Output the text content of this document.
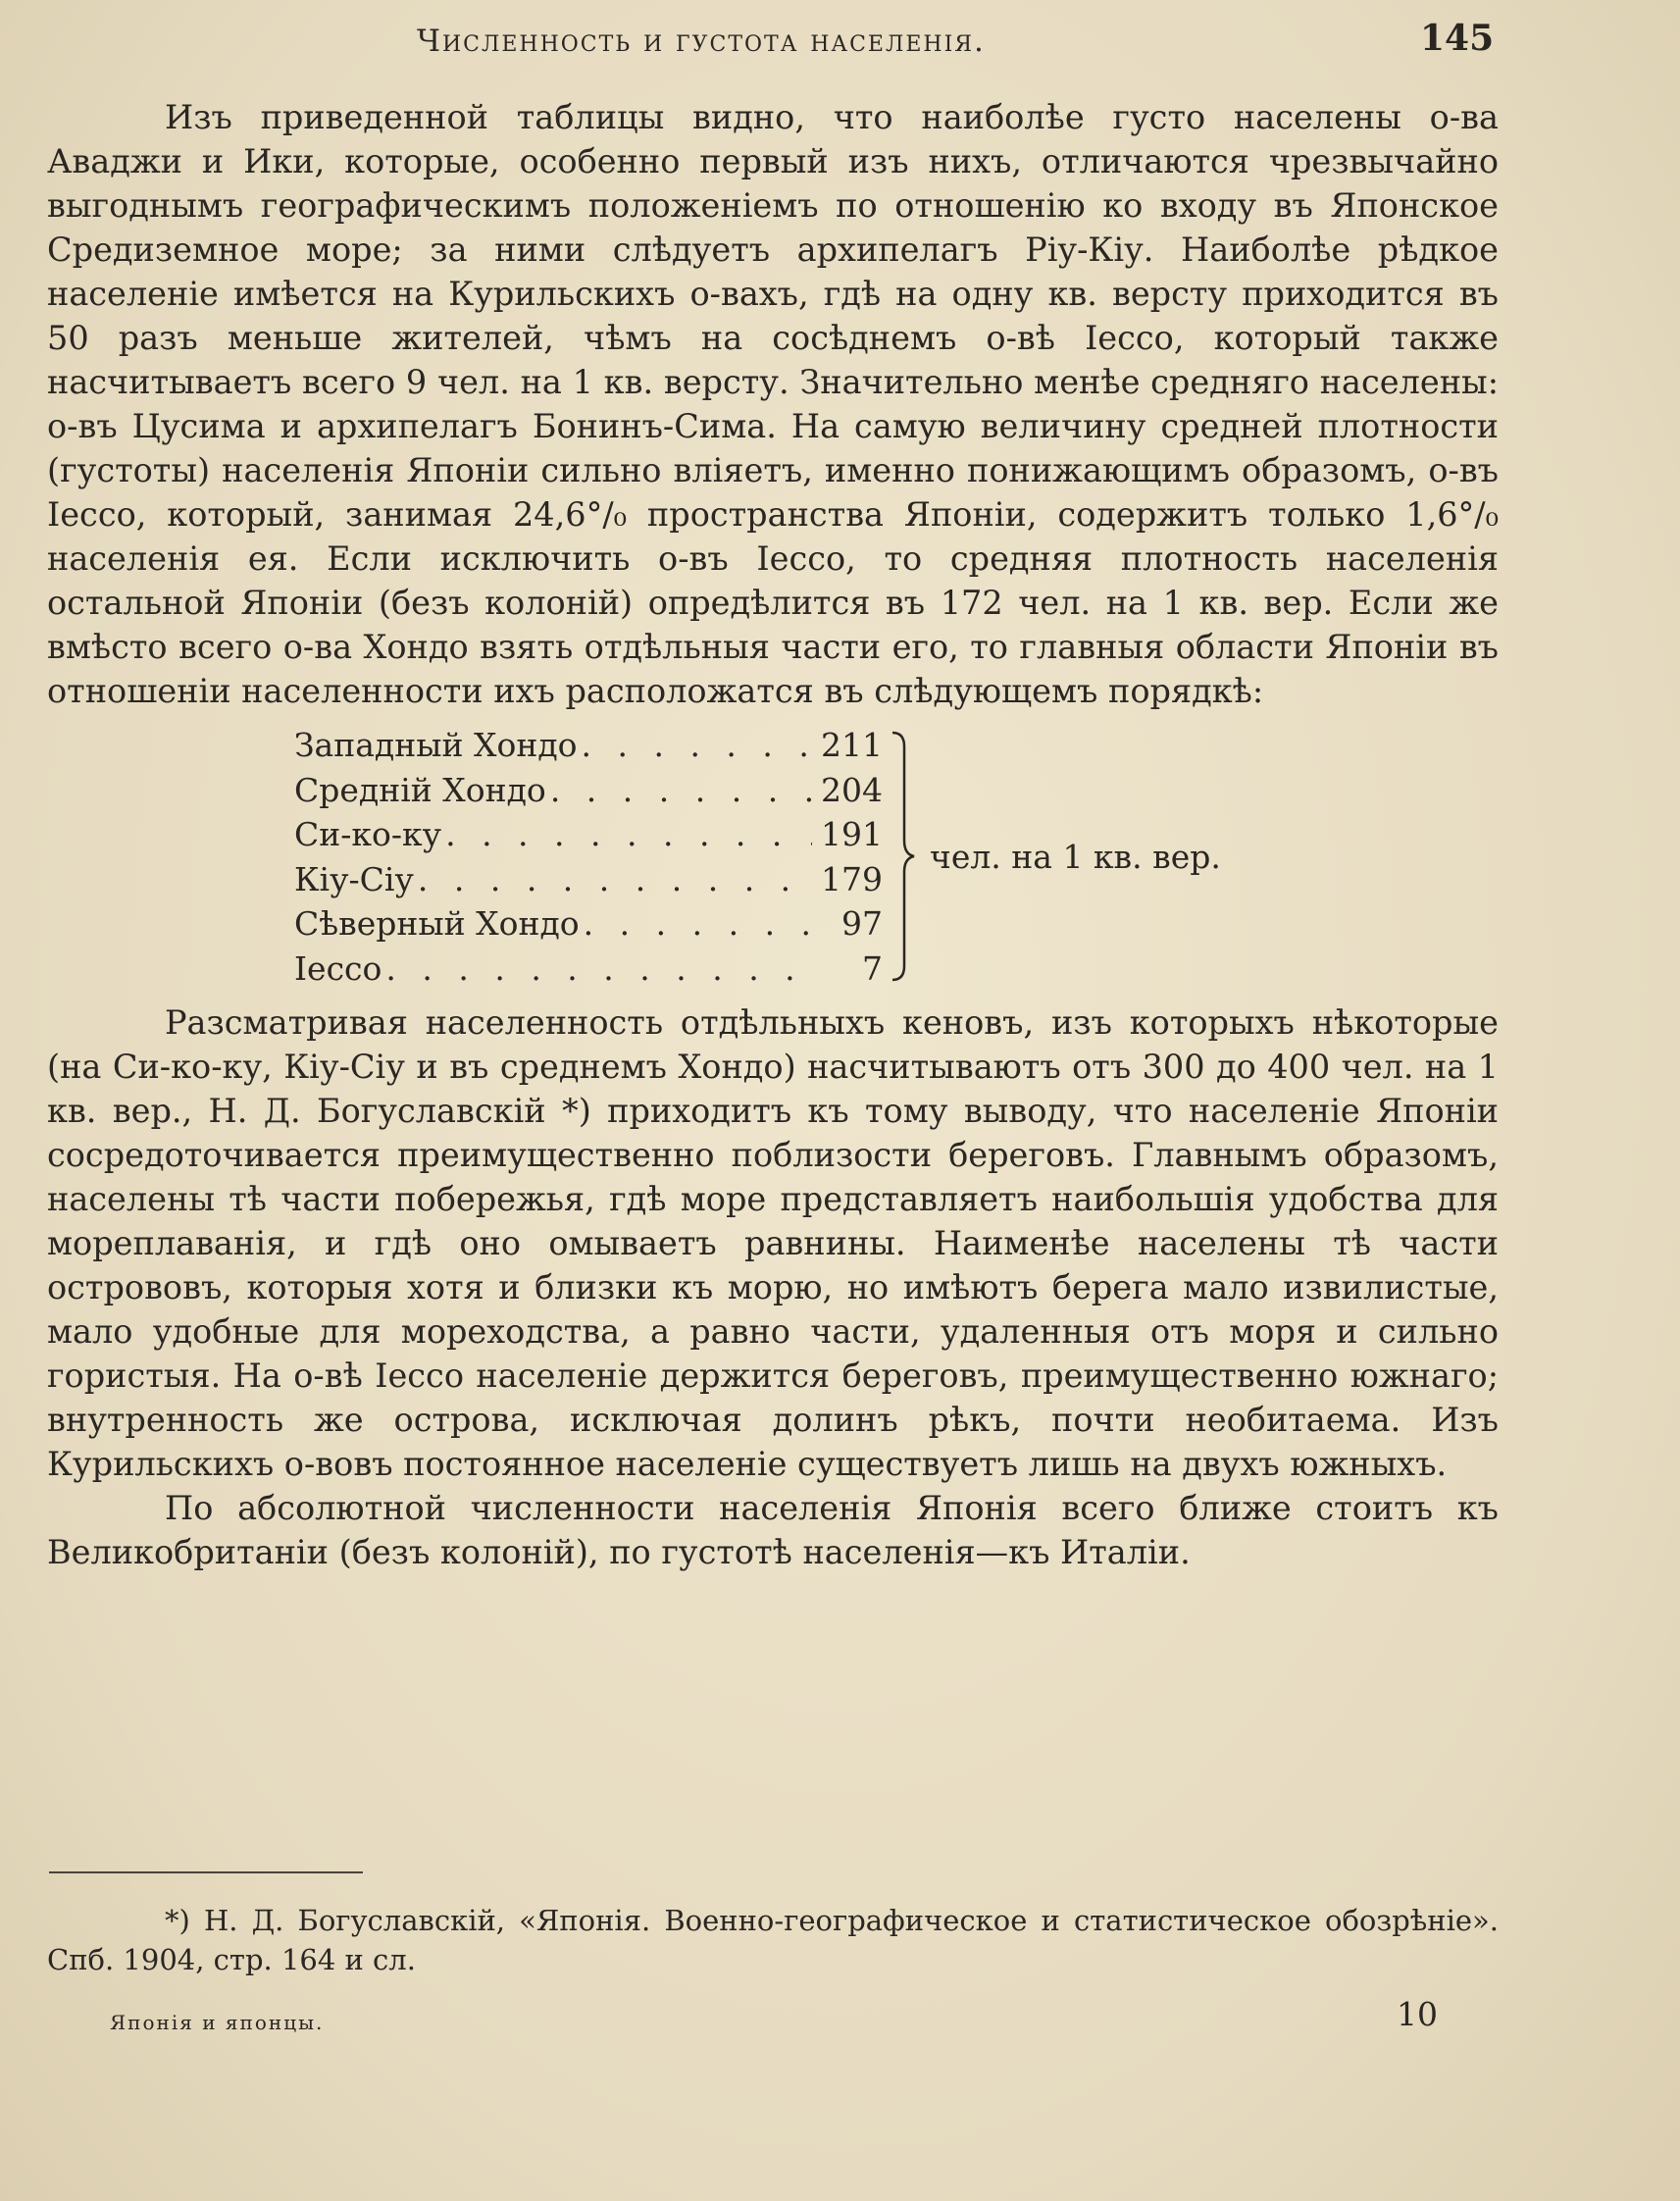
Численность и густота населенія.	145

Изъ приведенной таблицы видно, что наиболѣе густо населены о-ва Аваджи и Ики, которые, особенно первый изъ нихъ, отличаются чрезвычайно выгоднымъ географическимъ положенiемъ по отношенiю ко входу въ Японское Средиземное море; за ними слѣдуетъ архипелагъ Рiу-Кiу. Наиболѣе рѣдкое населенiе имѣется на Курильскихъ о-вахъ, гдѣ на одну кв. версту приходится въ 50 разъ меньше жителей, чѣмъ на сосѣднемъ о-вѣ Iессо, который также насчитываетъ всего 9 чел. на 1 кв. версту. Значительно менѣе средняго населены: о-въ Цусима и архипелагъ Бонинъ-Сима. На самую величину средней плотности (густоты) населенiя Японiи сильно влiяетъ, именно понижающимъ образомъ, о-въ Iессо, который, занимая 24,6°/₀ пространства Японiи, содержитъ только 1,6°/₀ населенiя ея. Если исключить о-въ Iессо, то средняя плотность населенiя остальной Японiи (безъ колонiй) опредѣлится въ 172 чел. на 1 кв. вер. Если же вмѣсто всего о-ва Хондо взять отдѣльныя части его, то главныя области Японiи въ отношенiи населенности ихъ расположатся въ слѣдующемъ порядкѣ:

Западный Хондо . . .	211
Среднiй Хондо . . .	204
Си-ко-ку . . .	191
Кiу-Сiу . . .	179
Сѣверный Хондо . . .	97
Iессо . . .	7
чел. на 1 кв. вер.

Разсматривая населенность отдѣльныхъ кеновъ, изъ которыхъ нѣкоторые (на Си-ко-ку, Кiу-Сiу и въ среднемъ Хондо) насчитываютъ отъ 300 до 400 чел. на 1 кв. вер., Н. Д. Богуславскiй *) приходитъ къ тому выводу, что населенiе Японiи сосредоточивается преимущественно поблизости береговъ. Главнымъ образомъ, населены тѣ части побережья, гдѣ море представляетъ наибольшiя удобства для мореплаванiя, и гдѣ оно омываетъ равнины. Наименѣе населены тѣ части острововъ, которыя хотя и близки къ морю, но имѣютъ берега мало извилистые, мало удобные для мореходства, а равно части, удаленныя отъ моря и сильно гористыя. На о-вѣ Iессо населенiе держится береговъ, преимущественно южнаго; внутренность же острова, исключая долинъ рѣкъ, почти необитаема. Изъ Курильскихъ о-вовъ постоянное населенiе существуетъ лишь на двухъ южныхъ.

По абсолютной численности населенiя Японiя всего ближе стоитъ къ Великобританiи (безъ колонiй), по густотѣ населенiя—къ Италiи.

*) Н. Д. Богуславскiй, «Японiя. Военно-географическое и статистическое обозрѣнiе». Спб. 1904, стр. 164 и сл.

Японія и японцы.	10
